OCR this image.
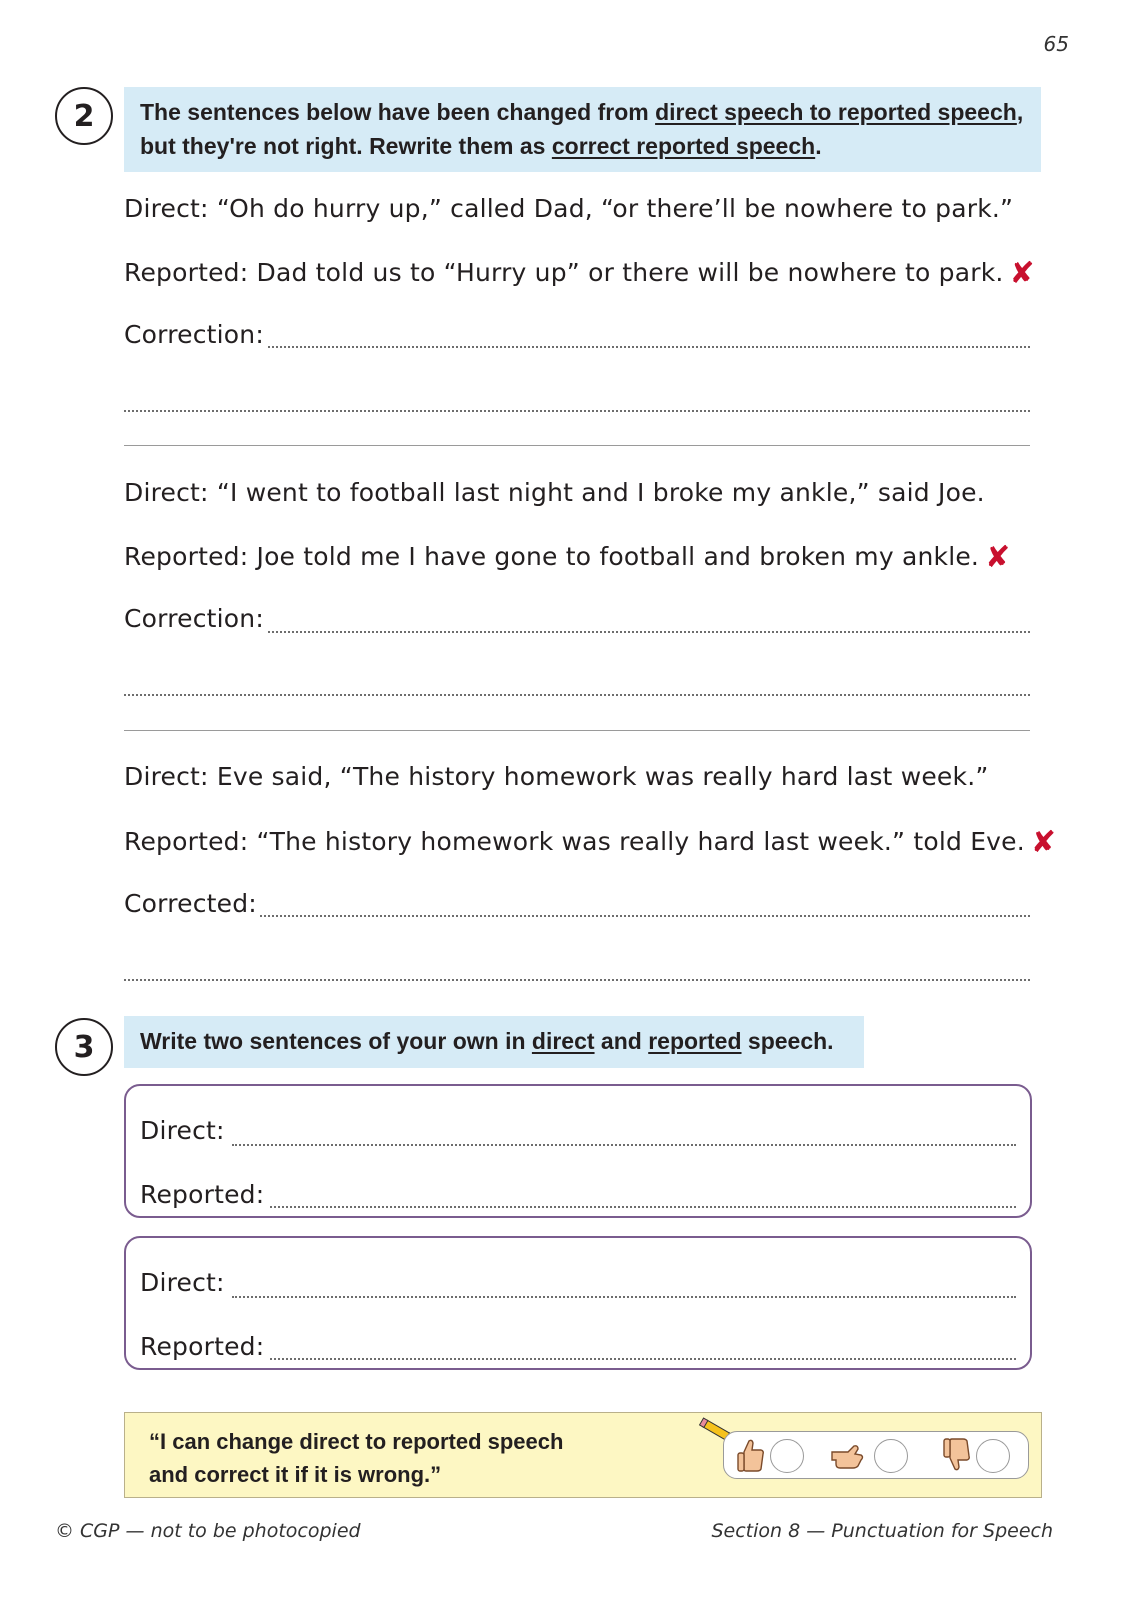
65
2	The sentences below have been changed from direct speech to reported speech,
but they're not right. Rewrite them as correct reported speech.
Direct: “Oh do hurry up,” called Dad, “or there’ll be nowhere to park.”
Reported: Dad told us to “Hurry up” or there will be nowhere to park. ✘
Correction:
Direct: “I went to football last night and I broke my ankle,” said Joe.
Reported: Joe told me I have gone to football and broken my ankle. ✘
Correction:
Direct: Eve said, “The history homework was really hard last week.”
Reported: “The history homework was really hard last week.” told Eve. ✘
Corrected:
3	Write two sentences of your own in direct and reported speech.
Direct:
Reported:
Direct:
Reported:
“I can change direct to reported speech
and correct it if it is wrong.”
© CGP — not to be photocopied	Section 8 — Punctuation for Speech
